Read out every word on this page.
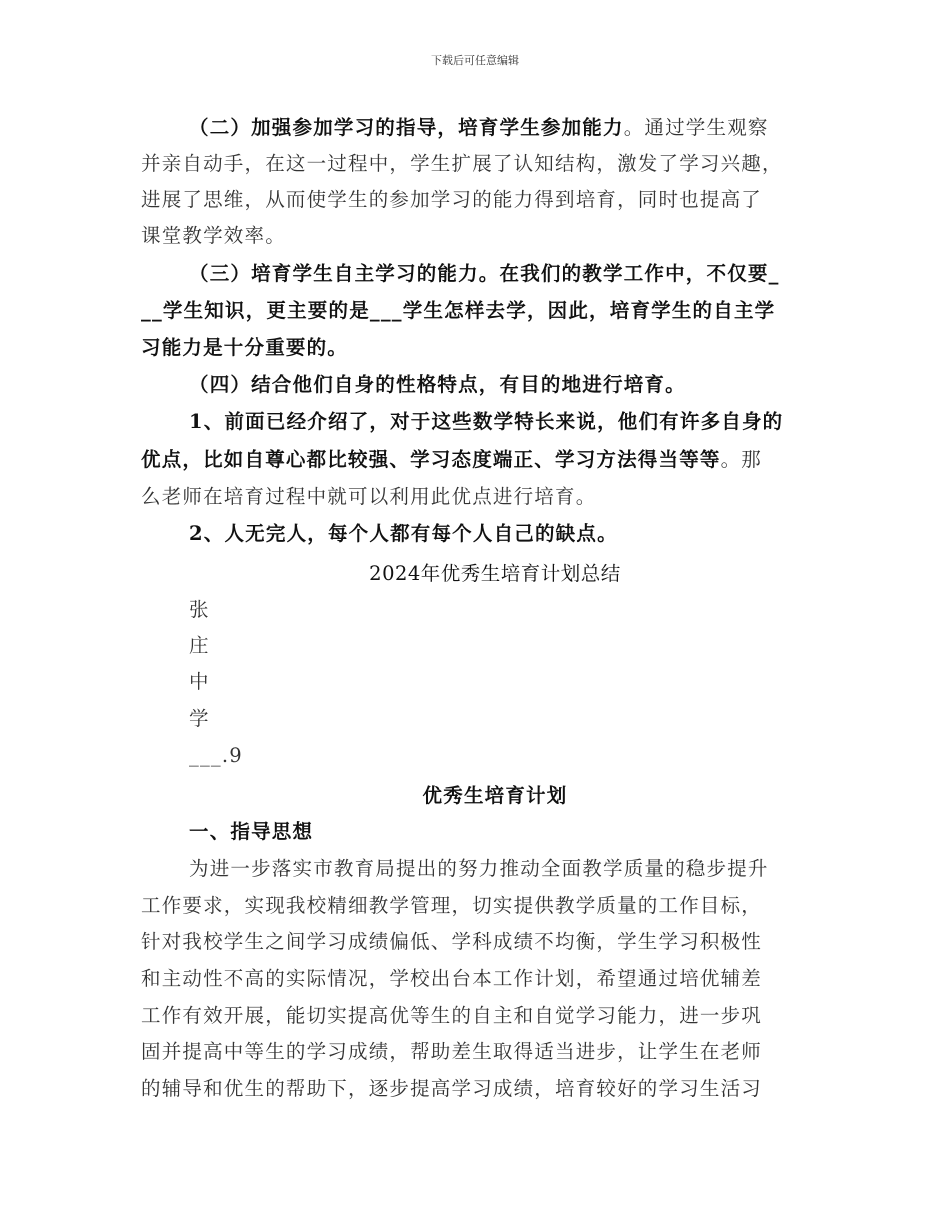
下载后可任意编辑
（二）加强参加学习的指导，培育学生参加能力。通过学生观察
并亲自动手，在这一过程中，学生扩展了认知结构，激发了学习兴趣，
进展了思维，从而使学生的参加学习的能力得到培育，同时也提高了
课堂教学效率。
（三）培育学生自主学习的能力。在我们的教学工作中，不仅要_
__学生知识，更主要的是___学生怎样去学，因此，培育学生的自主学
习能力是十分重要的。
（四）结合他们自身的性格特点，有目的地进行培育。
1、前面已经介绍了，对于这些数学特长来说，他们有许多自身的
优点，比如自尊心都比较强、学习态度端正、学习方法得当等等。那
么老师在培育过程中就可以利用此优点进行培育。
2、人无完人，每个人都有每个人自己的缺点。
2024年优秀生培育计划总结
张
庄
中
学
___.9
优秀生培育计划
一、指导思想
为进一步落实市教育局提出的努力推动全面教学质量的稳步提升
工作要求，实现我校精细教学管理，切实提供教学质量的工作目标，
针对我校学生之间学习成绩偏低、学科成绩不均衡，学生学习积极性
和主动性不高的实际情况，学校出台本工作计划，希望通过培优辅差
工作有效开展，能切实提高优等生的自主和自觉学习能力，进一步巩
固并提高中等生的学习成绩，帮助差生取得适当进步，让学生在老师
的辅导和优生的帮助下，逐步提高学习成绩，培育较好的学习生活习
